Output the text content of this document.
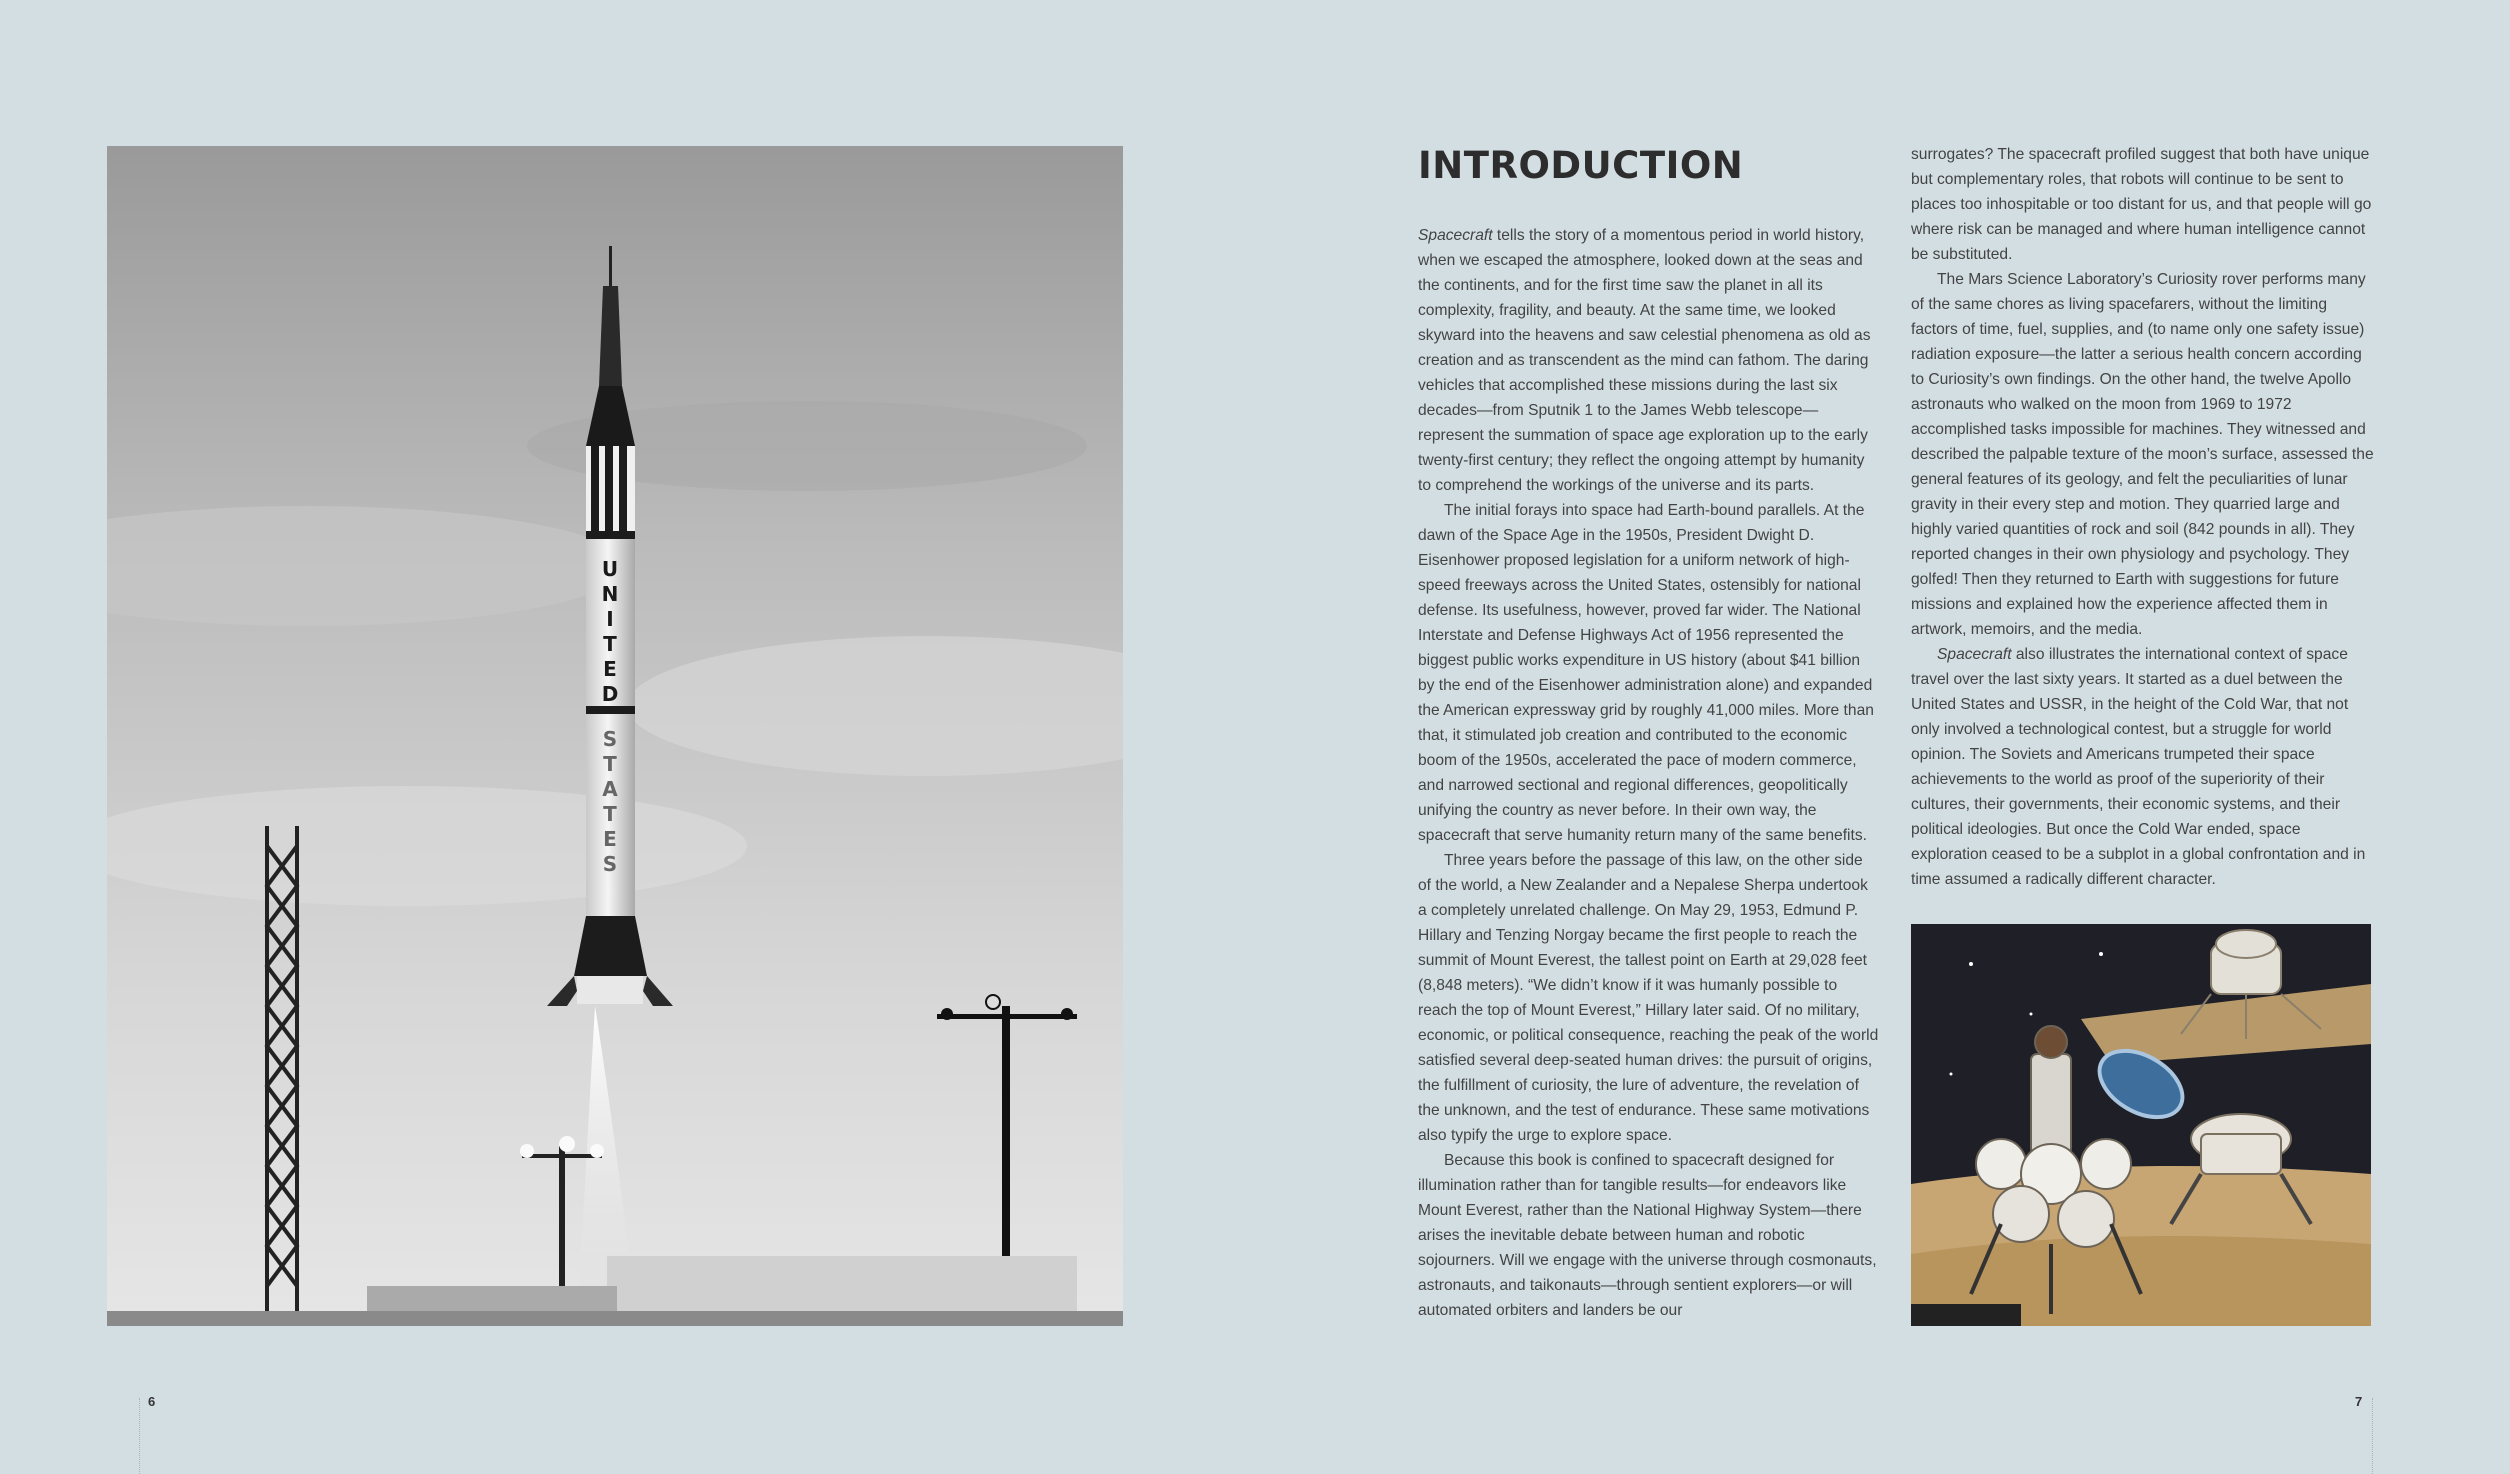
U
N
I
T
E
D
S
T
A
T
E
S
INTRODUCTION

Spacecraft tells the story of a momentous period in world history, when we escaped the atmosphere, looked down at the seas and the continents, and for the first time saw the planet in all its complexity, fragility, and beauty. At the same time, we looked skyward into the heavens and saw celestial phenomena as old as creation and as transcendent as the mind can fathom. The daring vehicles that accomplished these missions during the last six decades—from Sputnik 1 to the James Webb telescope—represent the summation of space age exploration up to the early twenty-first century; they reflect the ongoing attempt by humanity to comprehend the workings of the universe and its parts.

The initial forays into space had Earth-bound parallels. At the dawn of the Space Age in the 1950s, President Dwight D. Eisenhower proposed legislation for a uniform network of high-speed freeways across the United States, ostensibly for national defense. Its usefulness, however, proved far wider. The National Interstate and Defense Highways Act of 1956 represented the biggest public works expenditure in US history (about $41 billion by the end of the Eisenhower administration alone) and expanded the American expressway grid by roughly 41,000 miles. More than that, it stimulated job creation and contributed to the economic boom of the 1950s, accelerated the pace of modern commerce, and narrowed sectional and regional differences, geopolitically unifying the country as never before. In their own way, the spacecraft that serve humanity return many of the same benefits.

Three years before the passage of this law, on the other side of the world, a New Zealander and a Nepalese Sherpa undertook a completely unrelated challenge. On May 29, 1953, Edmund P. Hillary and Tenzing Norgay became the first people to reach the summit of Mount Everest, the tallest point on Earth at 29,028 feet (8,848 meters). “We didn’t know if it was humanly possible to reach the top of Mount Everest,” Hillary later said. Of no military, economic, or political consequence, reaching the peak of the world satisfied several deep-seated human drives: the pursuit of origins, the fulfillment of curiosity, the lure of adventure, the revelation of the unknown, and the test of endurance. These same motivations also typify the urge to explore space.

Because this book is confined to spacecraft designed for illumination rather than for tangible results—for endeavors like Mount Everest, rather than the National Highway System—there arises the inevitable debate between human and robotic sojourners. Will we engage with the universe through cosmonauts, astronauts, and taikonauts—through sentient explorers—or will automated orbiters and landers be our

surrogates? The spacecraft profiled suggest that both have unique but complementary roles, that robots will continue to be sent to places too inhospitable or too distant for us, and that people will go where risk can be managed and where human intelligence cannot be substituted.

The Mars Science Laboratory’s Curiosity rover performs many of the same chores as living spacefarers, without the limiting factors of time, fuel, supplies, and (to name only one safety issue) radiation exposure—the latter a serious health concern according to Curiosity’s own findings. On the other hand, the twelve Apollo astronauts who walked on the moon from 1969 to 1972 accomplished tasks impossible for machines. They witnessed and described the palpable texture of the moon’s surface, assessed the general features of its geology, and felt the peculiarities of lunar gravity in their every step and motion. They quarried large and highly varied quantities of rock and soil (842 pounds in all). They reported changes in their own physiology and psychology. They golfed! Then they returned to Earth with suggestions for future missions and explained how the experience affected them in artwork, memoirs, and the media.

Spacecraft also illustrates the international context of space travel over the last sixty years. It started as a duel between the United States and USSR, in the height of the Cold War, that not only involved a technological contest, but a struggle for world opinion. The Soviets and Americans trumpeted their space achievements to the world as proof of the superiority of their cultures, their governments, their economic systems, and their political ideologies. But once the Cold War ended, space exploration ceased to be a subplot in a global confrontation and in time assumed a radically different character.

6	7
